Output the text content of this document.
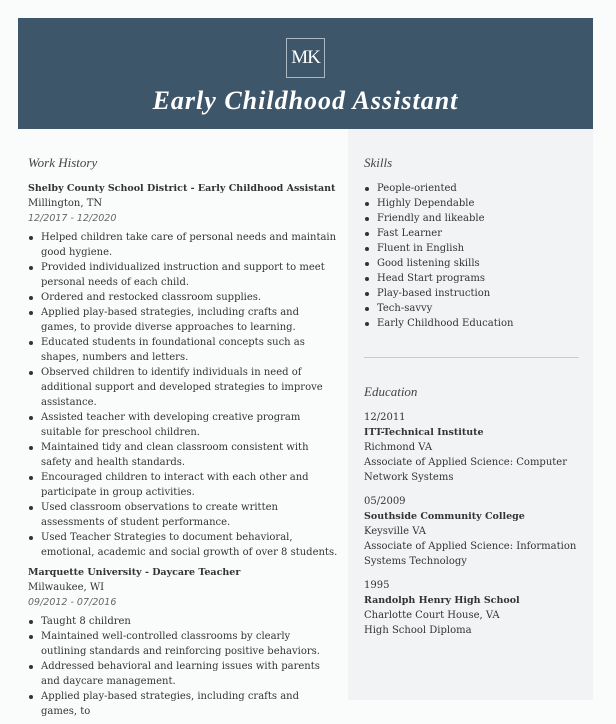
MK
Early Childhood Assistant
Work History
Shelby County School District - Early Childhood Assistant
Millington, TN
12/2017 - 12/2020
Helped children take care of personal needs and maintain good hygiene.
Provided individualized instruction and support to meet personal needs of each child.
Ordered and restocked classroom supplies.
Applied play-based strategies, including crafts and games, to provide diverse approaches to learning.
Educated students in foundational concepts such as shapes, numbers and letters.
Observed children to identify individuals in need of additional support and developed strategies to improve assistance.
Assisted teacher with developing creative program suitable for preschool children.
Maintained tidy and clean classroom consistent with safety and health standards.
Encouraged children to interact with each other and participate in group activities.
Used classroom observations to create written assessments of student performance.
Used Teacher Strategies to document behavioral, emotional, academic and social growth of over 8 students.
Marquette University - Daycare Teacher
Milwaukee, WI
09/2012 - 07/2016
Taught 8 children
Maintained well-controlled classrooms by clearly outlining standards and reinforcing positive behaviors.
Addressed behavioral and learning issues with parents and daycare management.
Applied play-based strategies, including crafts and games, to
Skills
People-oriented
Highly Dependable
Friendly and likeable
Fast Learner
Fluent in English
Good listening skills
Head Start programs
Play-based instruction
Tech-savvy
Early Childhood Education
Education
12/2011
ITT-Technical Institute
Richmond VA
Associate of Applied Science: Computer Network Systems
05/2009
Southside Community College
Keysville VA
Associate of Applied Science: Information Systems Technology
1995
Randolph Henry High School
Charlotte Court House, VA
High School Diploma
